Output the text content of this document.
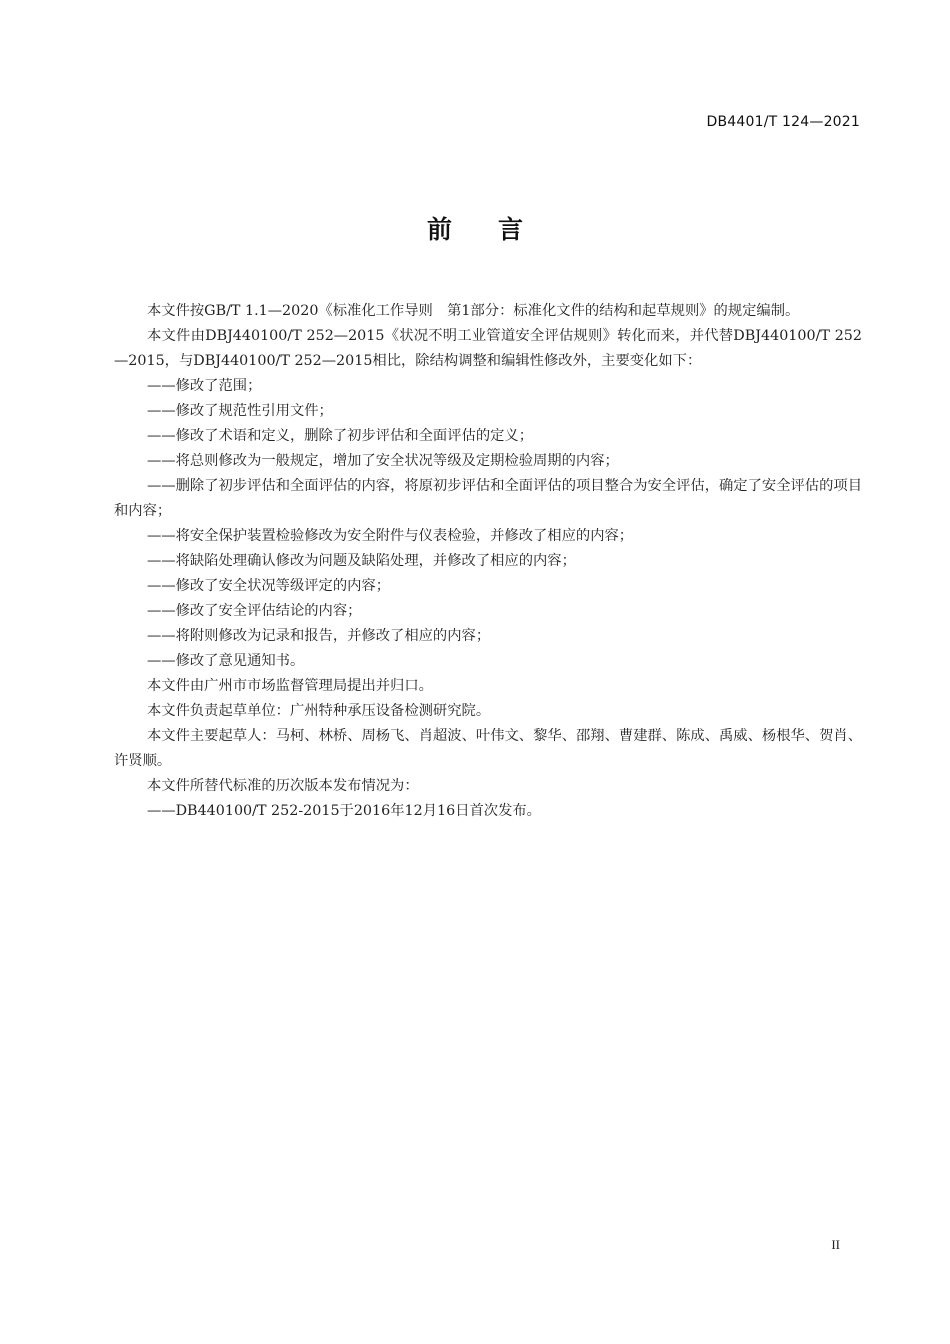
DB4401/T 124—2021
前言

本文件按GB/T 1.1—2020《标准化工作导则　第1部分：标准化文件的结构和起草规则》的规定编制。

本文件由DBJ440100/T 252—2015《状况不明工业管道安全评估规则》转化而来，并代替DBJ440100/T 252—2015，与DBJ440100/T 252—2015相比，除结构调整和编辑性修改外，主要变化如下：

——修改了范围；

——修改了规范性引用文件；

——修改了术语和定义，删除了初步评估和全面评估的定义；

——将总则修改为一般规定，增加了安全状况等级及定期检验周期的内容；

——删除了初步评估和全面评估的内容，将原初步评估和全面评估的项目整合为安全评估，确定了安全评估的项目和内容；

——将安全保护装置检验修改为安全附件与仪表检验，并修改了相应的内容；

——将缺陷处理确认修改为问题及缺陷处理，并修改了相应的内容；

——修改了安全状况等级评定的内容；

——修改了安全评估结论的内容；

——将附则修改为记录和报告，并修改了相应的内容；

——修改了意见通知书。

本文件由广州市市场监督管理局提出并归口。

本文件负责起草单位：广州特种承压设备检测研究院。

本文件主要起草人：马柯、林桥、周杨飞、肖超波、叶伟文、黎华、邵翔、曹建群、陈成、禹威、杨根华、贺肖、许贤顺。

本文件所替代标准的历次版本发布情况为：

——DB440100/T 252-2015于2016年12月16日首次发布。

II
